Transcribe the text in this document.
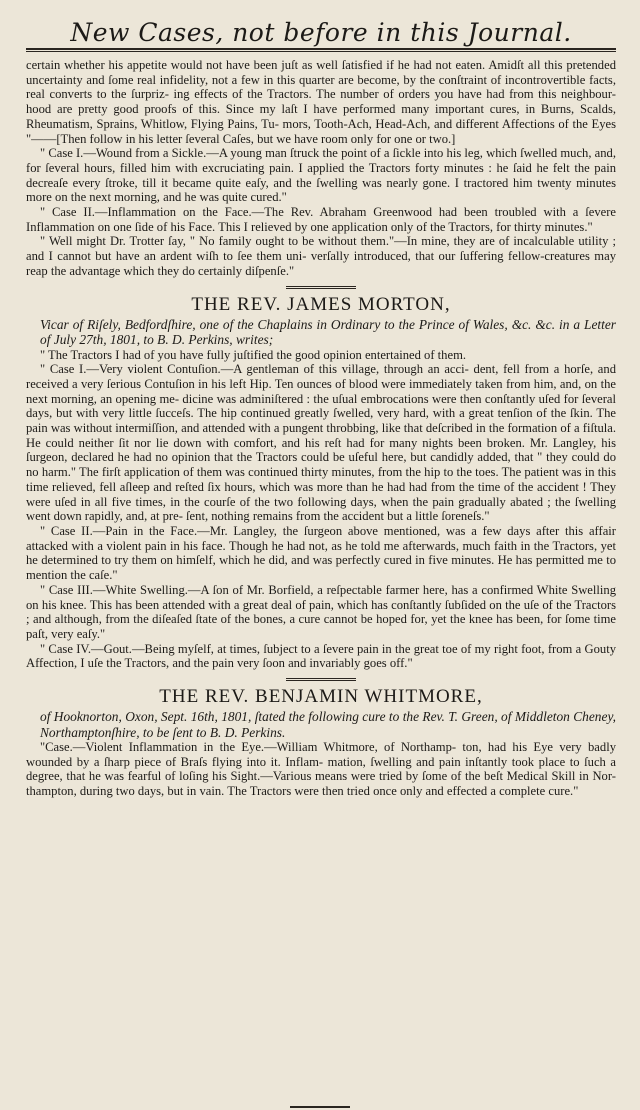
New Cases, not before in this Journal.

certain whether his appetite would not have been juſt as well ſatisfied if he had not eaten. Amidſt all this pretended uncertainty and ſome real infidelity, not a few in this quarter are become, by the conſtraint of incontrovertible facts, real converts to the ſurpriz- ing effects of the Tractors. The number of orders you have had from this neighbour- hood are pretty good proofs of this. Since my laſt I have performed many important cures, in Burns, Scalds, Rheumatism, Sprains, Whitlow, Flying Pains, Tu- mors, Tooth-Ach, Head-Ach, and different Affections of the Eyes "——[Then follow in his letter ſeveral Caſes, but we have room only for one or two.]

" Case I.—Wound from a Sickle.—A young man ſtruck the point of a ſickle into his leg, which ſwelled much, and, for ſeveral hours, filled him with excruciating pain. I applied the Tractors forty minutes : he ſaid he felt the pain decreaſe every ſtroke, till it became quite eaſy, and the ſwelling was nearly gone. I tractored him twenty minutes more on the next morning, and he was quite cured."

" Case II.—Inflammation on the Face.—The Rev. Abraham Greenwood had been troubled with a ſevere Inflammation on one ſide of his Face. This I relieved by one application only of the Tractors, for thirty minutes."

" Well might Dr. Trotter ſay, " No family ought to be without them."—In mine, they are of incalculable utility ; and I cannot but have an ardent wiſh to ſee them uni- verſally introduced, that our ſuffering fellow-creatures may reap the advantage which they do certainly diſpenſe."

THE REV. JAMES MORTON,

Vicar of Riſely, Bedfordſhire, one of the Chaplains in Ordinary to the Prince of Wales, &c. &c. in a Letter of July 27th, 1801, to B. D. Perkins, writes;

" The Tractors I had of you have fully juſtified the good opinion entertained of them.

" Case I.—Very violent Contuſion.—A gentleman of this village, through an acci- dent, fell from a horſe, and received a very ſerious Contuſion in his left Hip. Ten ounces of blood were immediately taken from him, and, on the next morning, an opening me- dicine was adminiſtered : the uſual embrocations were then conſtantly uſed for ſeveral days, but with very little ſucceſs. The hip continued greatly ſwelled, very hard, with a great tenſion of the ſkin. The pain was without intermiſſion, and attended with a pungent throbbing, like that deſcribed in the formation of a fiſtula. He could neither ſit nor lie down with comfort, and his reſt had for many nights been broken. Mr. Langley, his ſurgeon, declared he had no opinion that the Tractors could be uſeful here, but candidly added, that " they could do no harm." The firſt application of them was continued thirty minutes, from the hip to the toes. The patient was in this time relieved, fell aſleep and reſted ſix hours, which was more than he had had from the time of the accident ! They were uſed in all five times, in the courſe of the two following days, when the pain gradually abated ; the ſwelling went down rapidly, and, at pre- ſent, nothing remains from the accident but a little ſoreneſs."

" Case II.—Pain in the Face.—Mr. Langley, the ſurgeon above mentioned, was a few days after this affair attacked with a violent pain in his face. Though he had not, as he told me afterwards, much faith in the Tractors, yet he determined to try them on himſelf, which he did, and was perfectly cured in five minutes. He has permitted me to mention the caſe."

" Case III.—White Swelling.—A ſon of Mr. Borfield, a reſpectable farmer here, has a confirmed White Swelling on his knee. This has been attended with a great deal of pain, which has conſtantly ſubſided on the uſe of the Tractors ; and although, from the diſeaſed ſtate of the bones, a cure cannot be hoped for, yet the knee has been, for ſome time paſt, very eaſy."

" Case IV.—Gout.—Being myſelf, at times, ſubject to a ſevere pain in the great toe of my right foot, from a Gouty Affection, I uſe the Tractors, and the pain very ſoon and invariably goes off."

THE REV. BENJAMIN WHITMORE,

of Hooknorton, Oxon, Sept. 16th, 1801, ſtated the following cure to the Rev. T. Green, of Middleton Cheney, Northamptonſhire, to be ſent to B. D. Perkins.

"Case.—Violent Inflammation in the Eye.—William Whitmore, of Northamp- ton, had his Eye very badly wounded by a ſharp piece of Braſs flying into it. Inflam- mation, ſwelling and pain inſtantly took place to ſuch a degree, that he was fearful of loſing his Sight.—Various means were tried by ſome of the beſt Medical Skill in Nor- thampton, during two days, but in vain. The Tractors were then tried once only and effected a complete cure."
